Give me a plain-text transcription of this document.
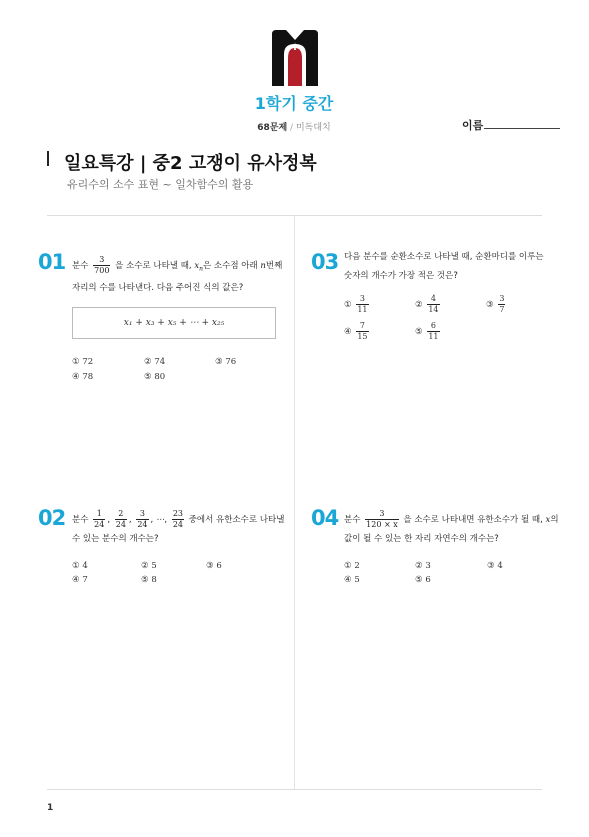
1학기 중간
68문제 / 미독대치	이름
일요특강 | 중2 고쟁이 유사정복
유리수의 소수 표현 ~ 일차함수의 활용
01 분수 $\frac{3}{700}$ 을 소수로 나타낼 때, $x_n$은 소수점 아래 n번째
자리의 수를 나타낸다. 다음 주어진 식의 값은?
x₁ + x₃ + x₅ + ⋯ + x₂₅
① 72	② 74	③ 76
④ 78	⑤ 80
02 분수 $\frac{1}{24}$ , $\frac{2}{24}$ , $\frac{3}{24}$ , ⋯, $\frac{23}{24}$ 중에서 유한소수로 나타낼
수 있는 분수의 개수는?
① 4	② 5	③ 6
④ 7	⑤ 8
03 다음 분수를 순환소수로 나타낼 때, 순환마디를 이루는
숫자의 개수가 가장 적은 것은?
① $\frac{3}{11}$	② $\frac{4}{14}$	③ $\frac{3}{7}$
④ $\frac{7}{15}$	⑤ $\frac{6}{11}$
04 분수 $\frac{3}{120 \times x}$ 을 소수로 나타내면 유한소수가 될 때, x의
값이 될 수 있는 한 자리 자연수의 개수는?
① 2	② 3	③ 4
④ 5	⑤ 6
1
